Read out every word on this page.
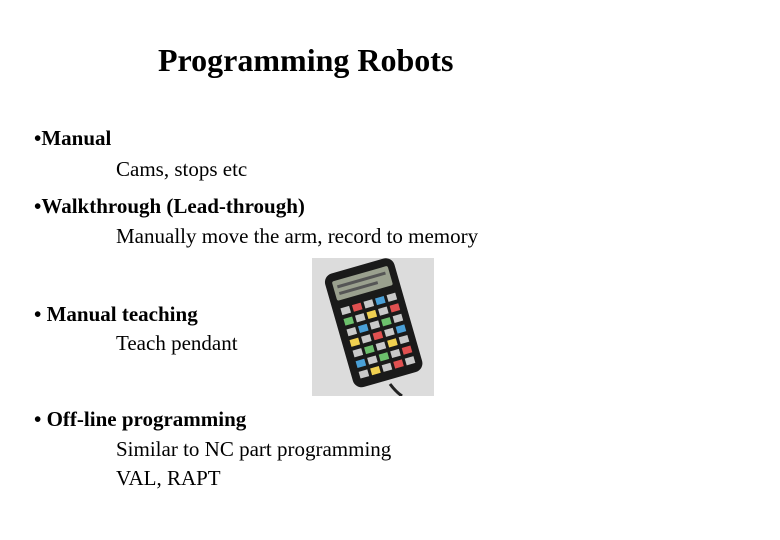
Programming Robots
•Manual
Cams, stops etc
•Walkthrough (Lead-through)
Manually move the arm, record to memory
• Manual teaching
Teach pendant
• Off-line programming
Similar to NC part programming
VAL, RAPT
